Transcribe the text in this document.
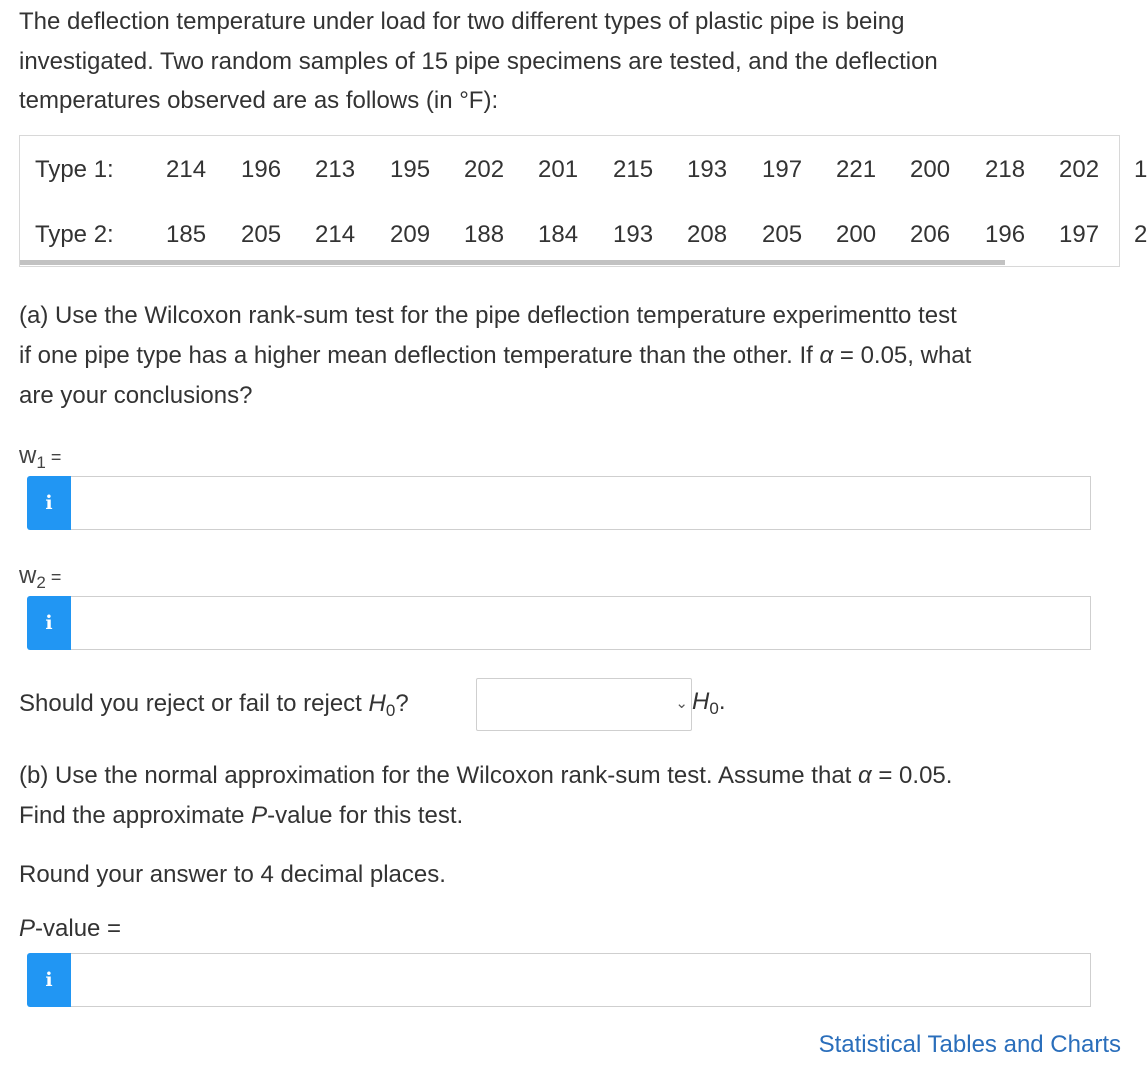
The deflection temperature under load for two different types of plastic pipe is being
investigated. Two random samples of 15 pipe specimens are tested, and the deflection
temperatures observed are as follows (in °F):
Type 1: 214 196 213 195 202 201 215 193 197 221 200 218 202 1
Type 2: 185 205 214 209 188 184 193 208 205 200 206 196 197 2
(a) Use the Wilcoxon rank-sum test for the pipe deflection temperature experimentto test
if one pipe type has a higher mean deflection temperature than the other. If α = 0.05, what
are your conclusions?
$w_1$ =
i
$w_2$ =
i
Should you reject or fail to reject $H_0$?	⌄ $H_0$.
(b) Use the normal approximation for the Wilcoxon rank-sum test. Assume that α = 0.05.
Find the approximate P-value for this test.
Round your answer to 4 decimal places.
P-value =
i
Statistical Tables and Charts
